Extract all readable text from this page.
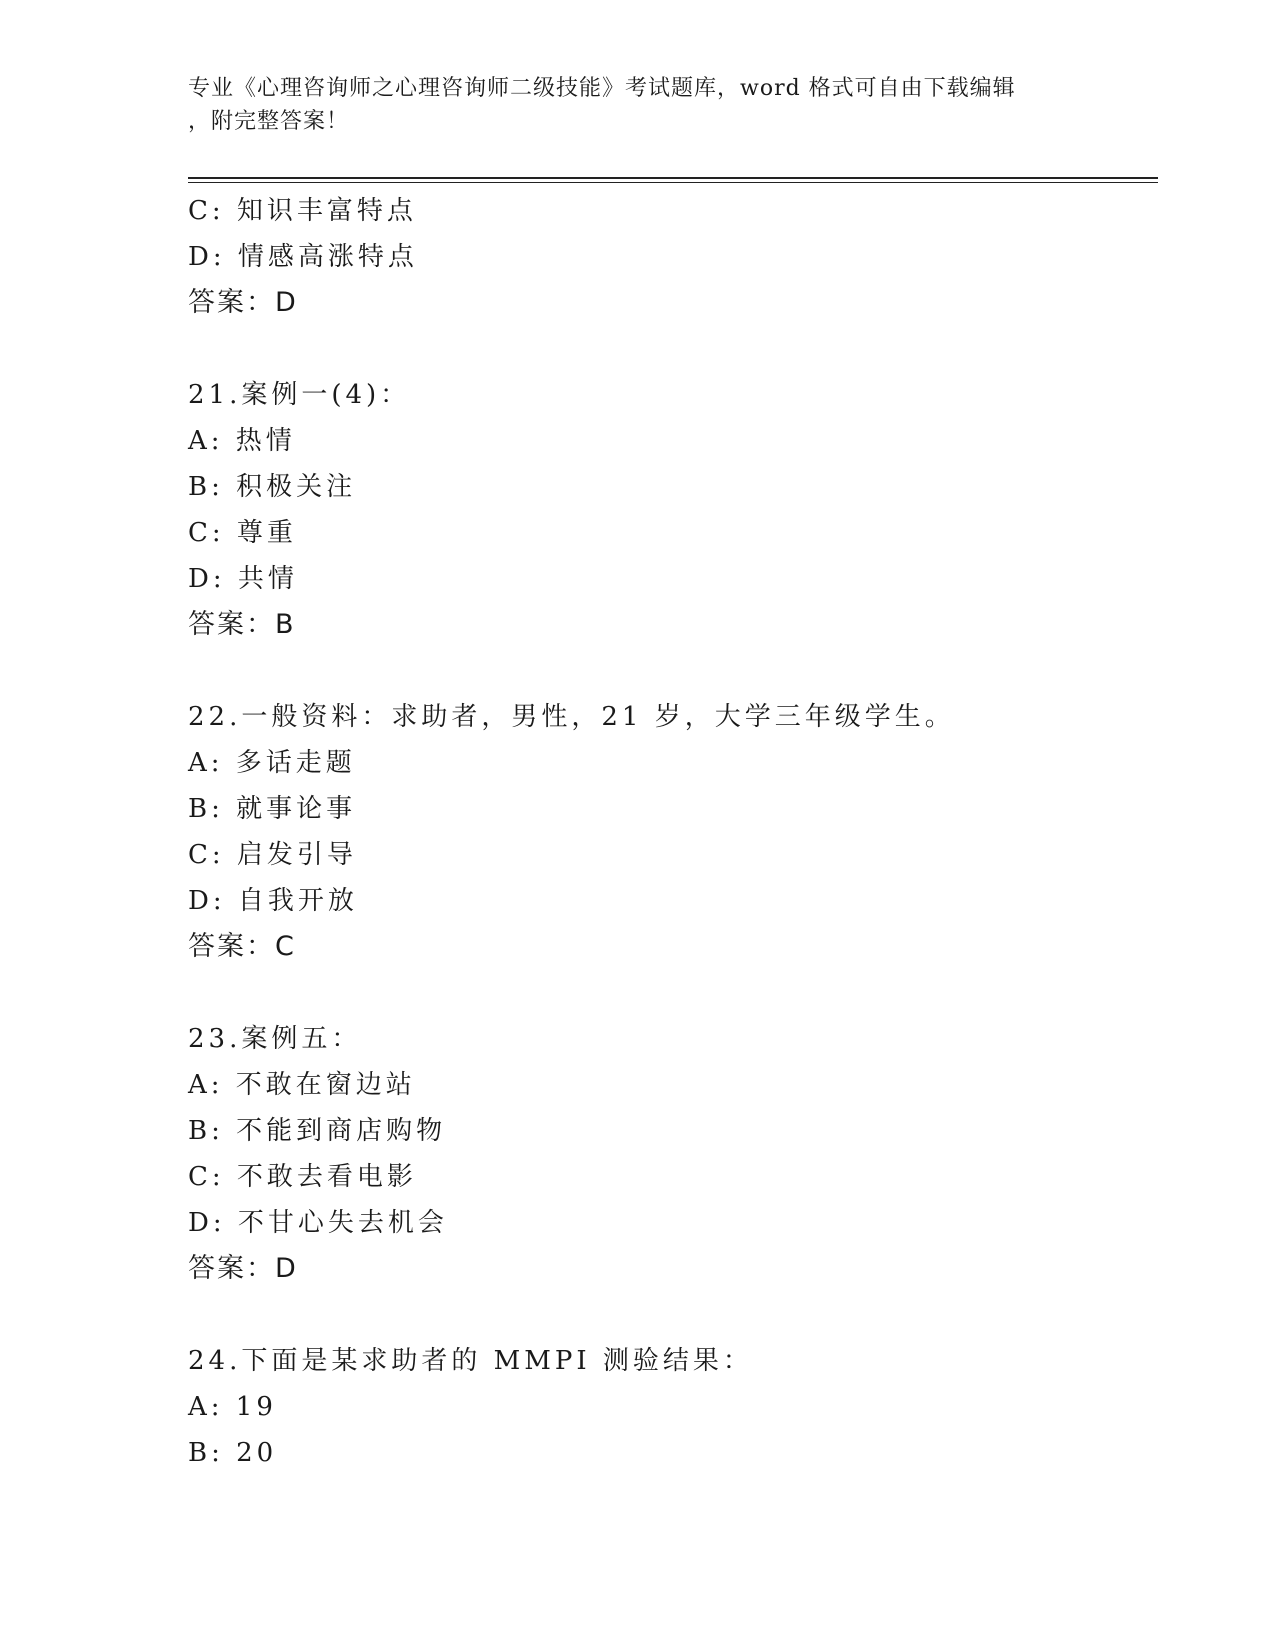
专业《心理咨询师之心理咨询师二级技能》考试题库，word 格式可自由下载编辑
，附完整答案！
C: 知识丰富特点
D: 情感高涨特点
答案：D
21.案例一(4)：
A: 热情
B: 积极关注
C: 尊重
D: 共情
答案：B
22.一般资料：求助者，男性，21 岁，大学三年级学生。
A: 多话走题
B: 就事论事
C: 启发引导
D: 自我开放
答案：C
23.案例五：
A: 不敢在窗边站
B: 不能到商店购物
C: 不敢去看电影
D: 不甘心失去机会
答案：D
24.下面是某求助者的 MMPI 测验结果：
A: 19
B: 20
